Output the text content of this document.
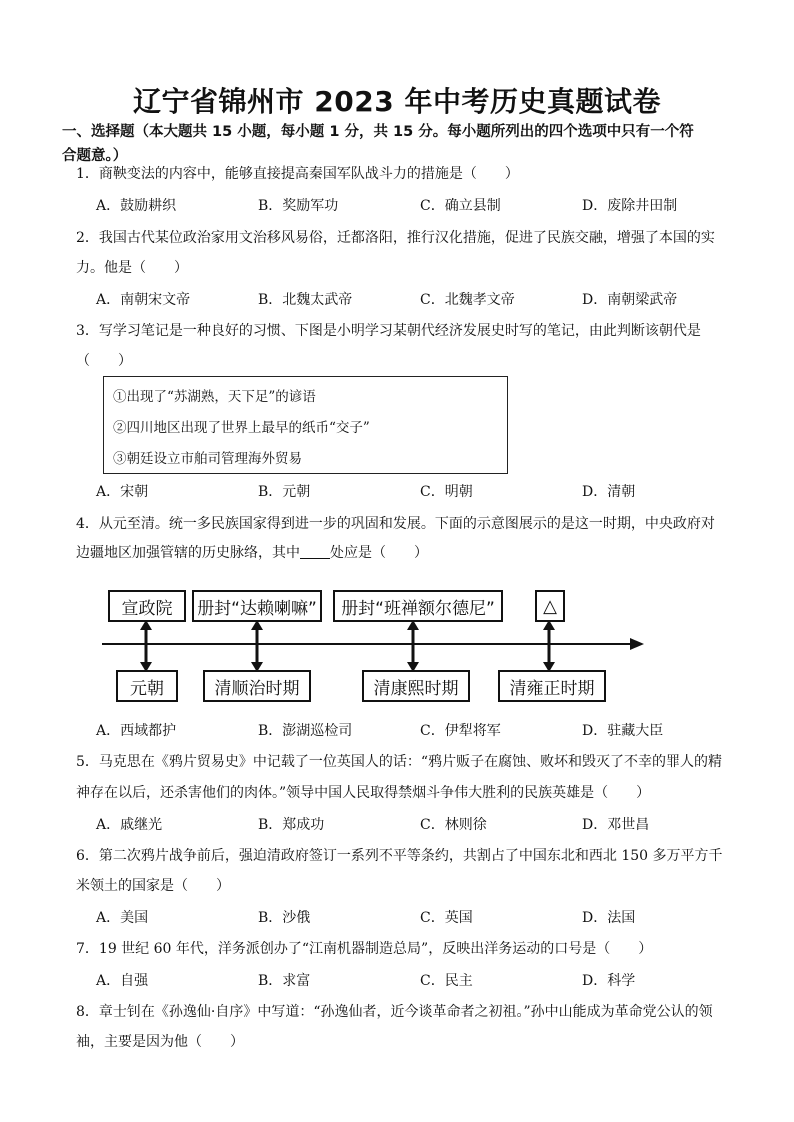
辽宁省锦州市 2023 年中考历史真题试卷
一、选择题（本大题共 15 小题，每小题 1 分，共 15 分。每小题所列出的四个选项中只有一个符
合题意。）
1．商鞅变法的内容中，能够直接提高秦国军队战斗力的措施是（　　）
A．鼓励耕织	B．奖励军功	C．确立县制	D．废除井田制
2．我国古代某位政治家用文治移风易俗，迁都洛阳，推行汉化措施，促进了民族交融，增强了本国的实
力。他是（　　）
A．南朝宋文帝	B．北魏太武帝	C．北魏孝文帝	D．南朝梁武帝
3．写学习笔记是一种良好的习惯、下图是小明学习某朝代经济发展史时写的笔记，由此判断该朝代是
（　　）
①出现了“苏湖熟，天下足”的谚语
②四川地区出现了世界上最早的纸币“交子”
③朝廷设立市舶司管理海外贸易
A．宋朝	B．元朝	C．明朝	D．清朝
4．从元至清。统一多民族国家得到进一步的巩固和发展。下面的示意图展示的是这一时期，中央政府对
边疆地区加强管辖的历史脉络，其中 处应是（　　）
宣政院	册封“达赖喇嘛”	册封“班禅额尔德尼”	△
元朝	清顺治时期	清康熙时期	清雍正时期
A．西域都护	B．澎湖巡检司	C．伊犁将军	D．驻藏大臣
5．马克思在《鸦片贸易史》中记载了一位英国人的话：“鸦片贩子在腐蚀、败坏和毁灭了不幸的罪人的精
神存在以后，还杀害他们的肉体。”领导中国人民取得禁烟斗争伟大胜利的民族英雄是（　　）
A．戚继光	B．郑成功	C．林则徐	D．邓世昌
6．第二次鸦片战争前后，强迫清政府签订一系列不平等条约，共割占了中国东北和西北 150 多万平方千
米领土的国家是（　　）
A．美国	B．沙俄	C．英国	D．法国
7．19 世纪 60 年代，洋务派创办了“江南机器制造总局”，反映出洋务运动的口号是（　　）
A．自强	B．求富	C．民主	D．科学
8．章士钊在《孙逸仙·自序》中写道：“孙逸仙者，近今谈革命者之初祖。”孙中山能成为革命党公认的领
袖，主要是因为他（　　）
